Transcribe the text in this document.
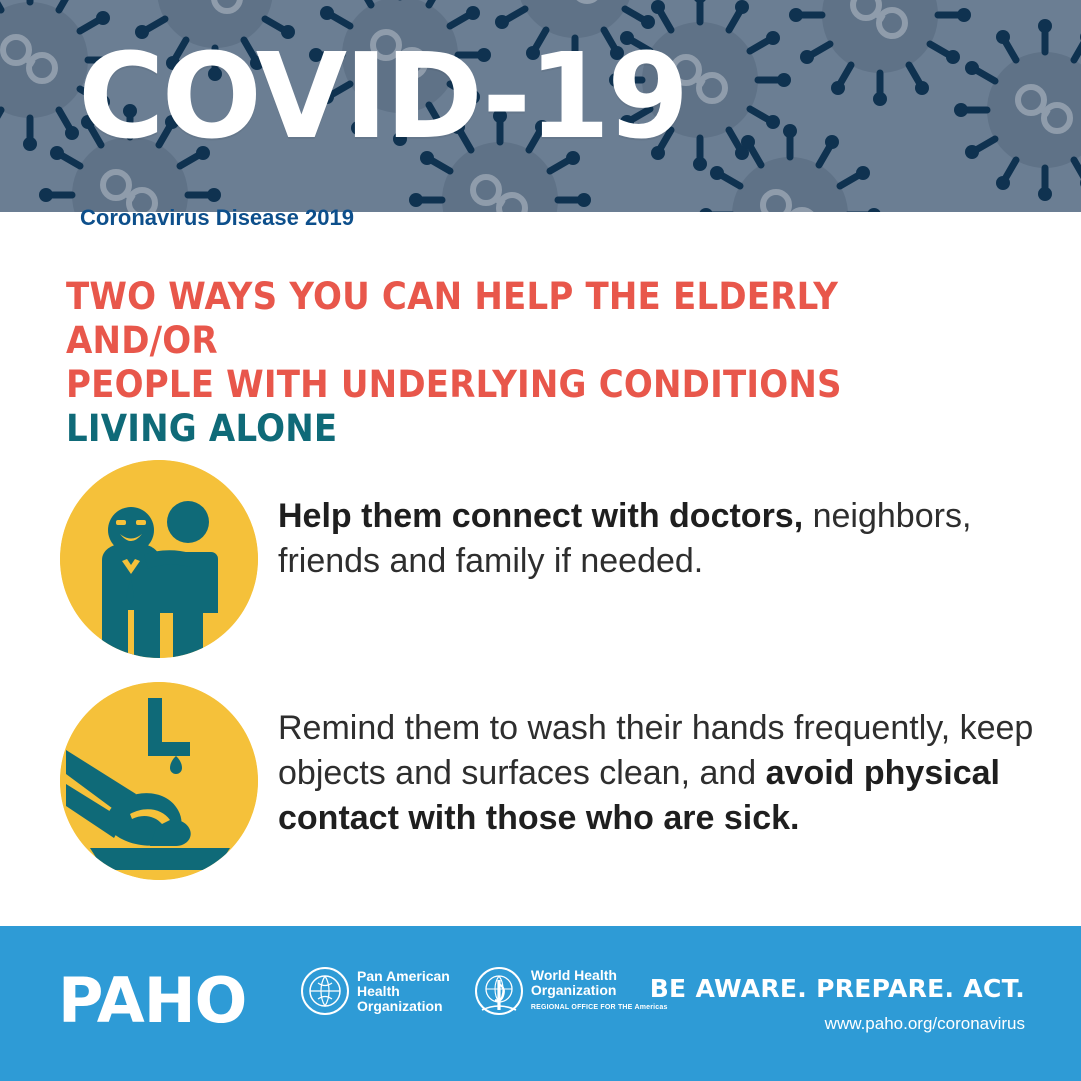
COVID-19
Coronavirus Disease 2019
TWO WAYS YOU CAN HELP THE ELDERLY AND/OR
PEOPLE WITH UNDERLYING CONDITIONS
LIVING ALONE
Help them connect with doctors, neighbors, friends and family if needed.
Remind them to wash their hands frequently, keep objects and surfaces clean, and avoid physical contact with those who are sick.
PAHO	Pan American
Health
Organization
World Health
Organization
REGIONAL OFFICE FOR THE Americas
BE AWARE. PREPARE. ACT.
www.paho.org/coronavirus
